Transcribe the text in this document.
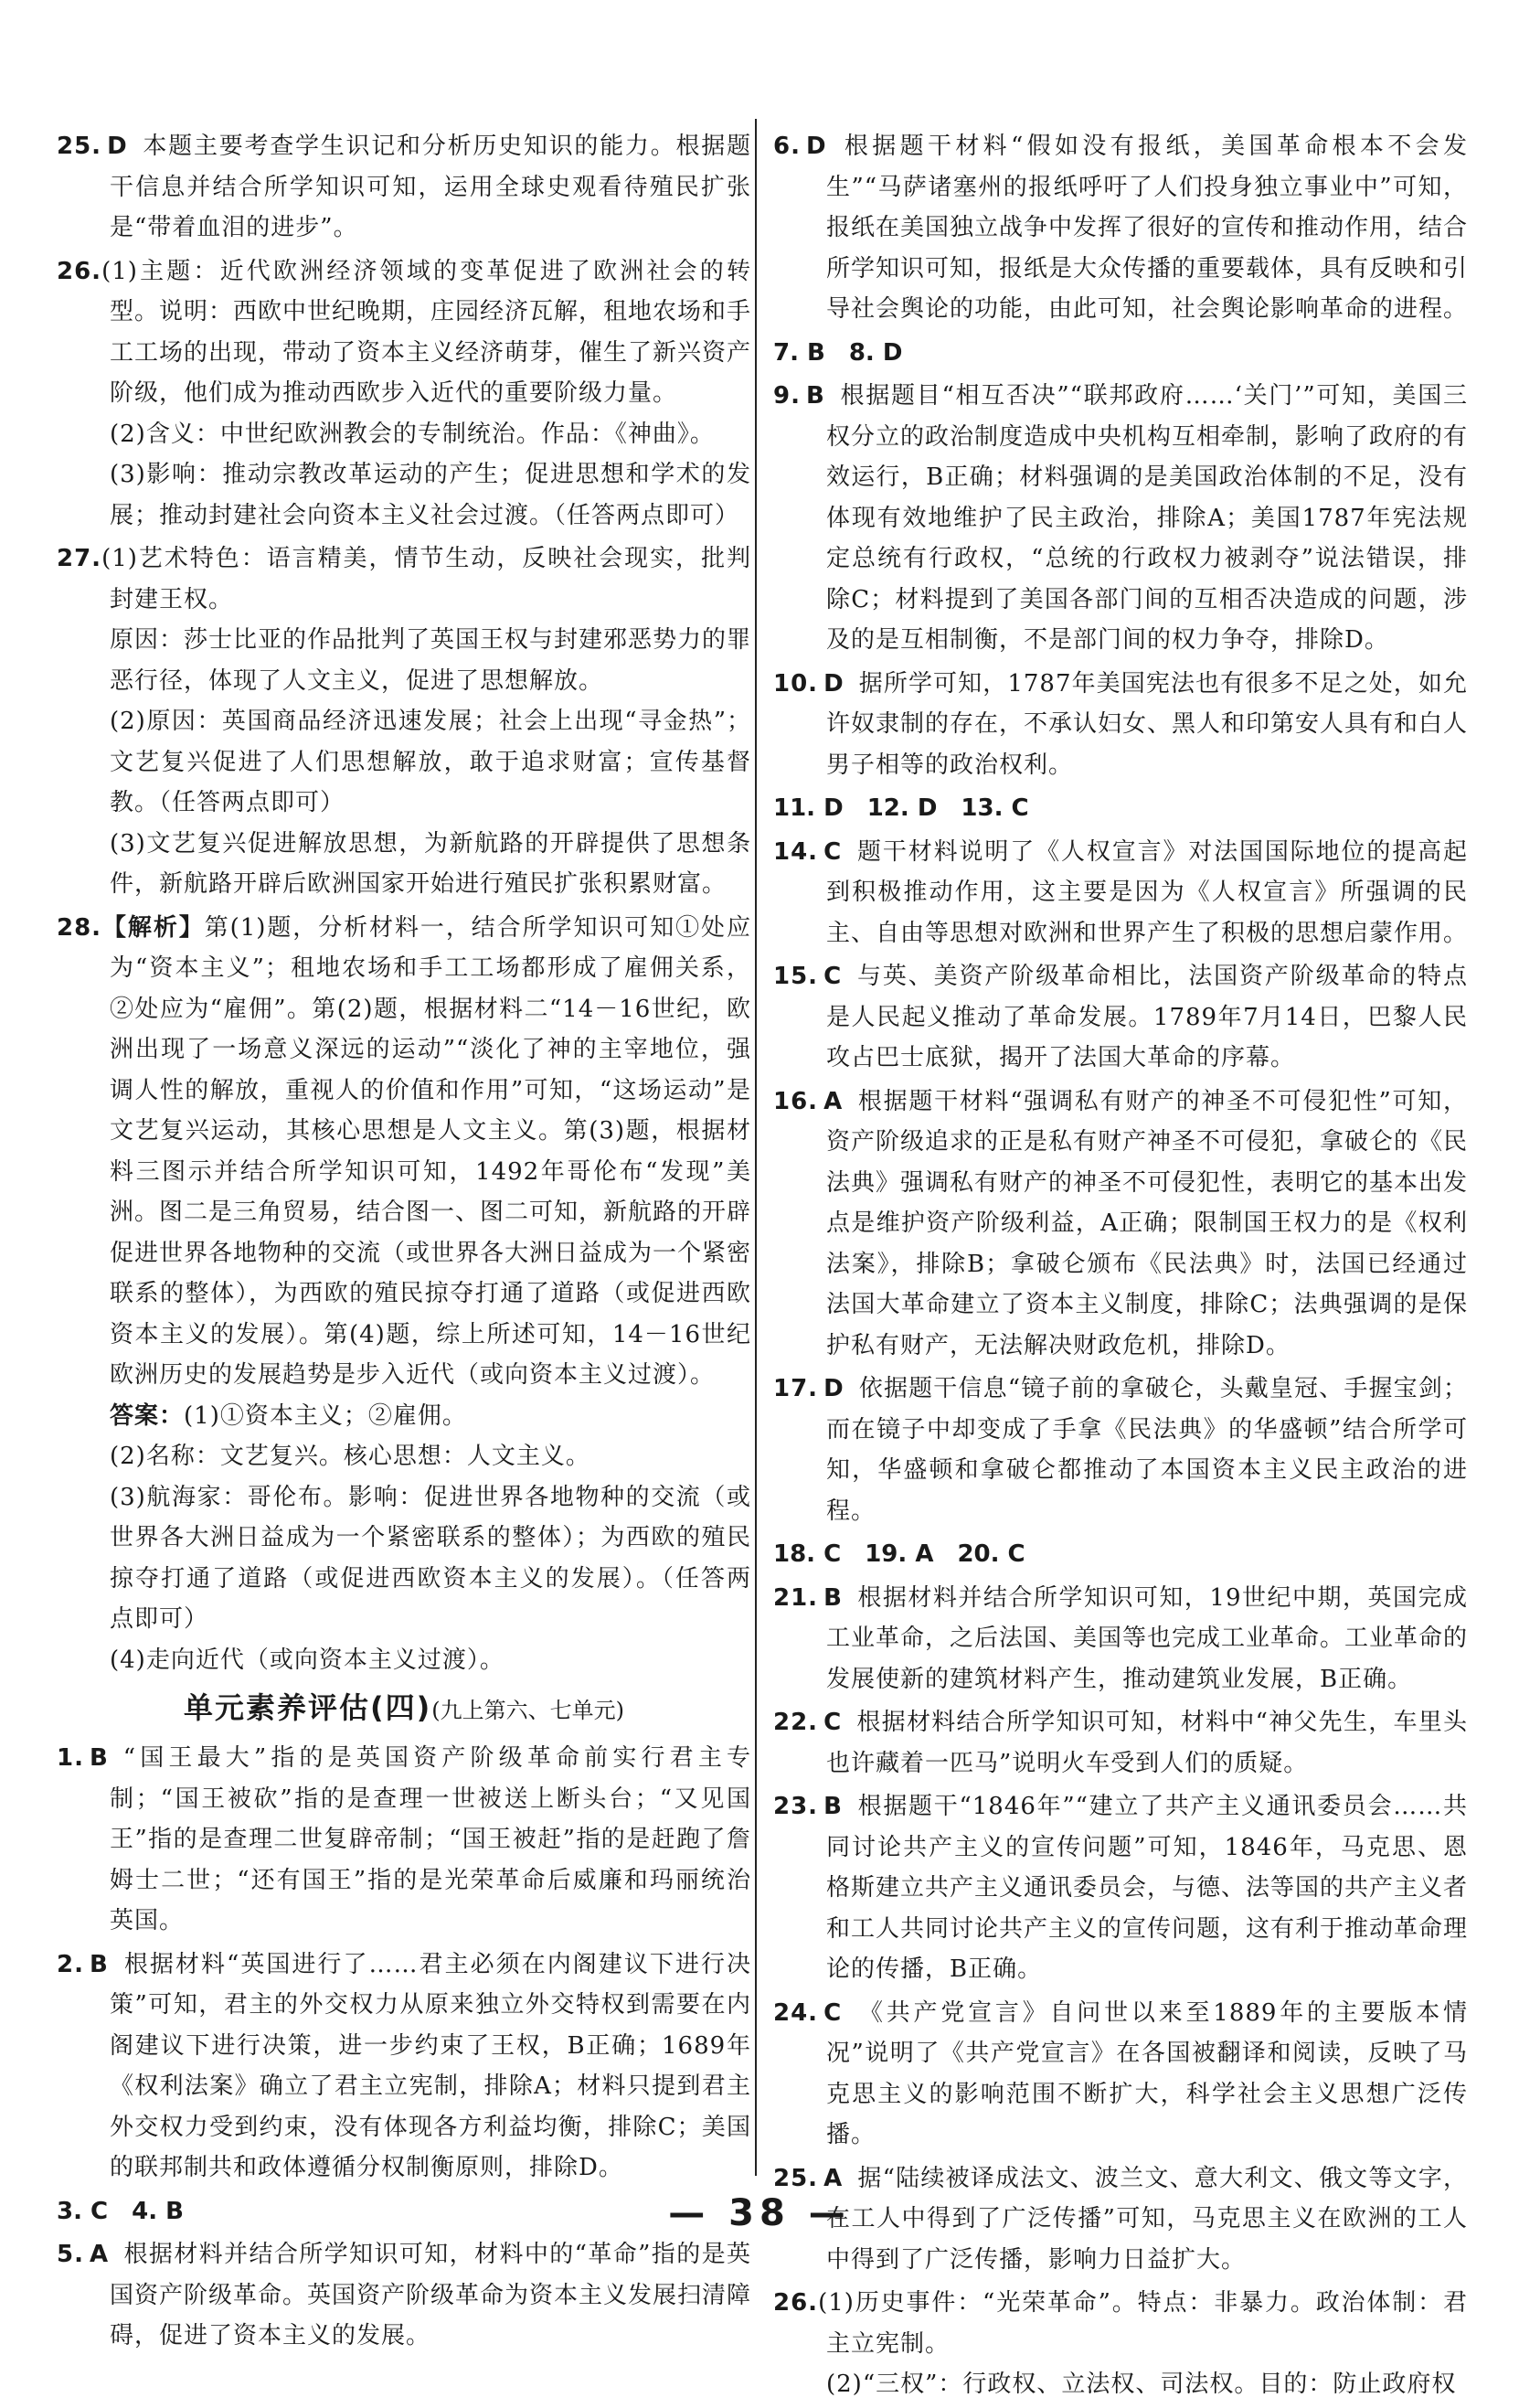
25. D 本题主要考查学生识记和分析历史知识的能力。根据题干信息并结合所学知识可知，运用全球史观看待殖民扩张是“带着血泪的进步”。

26.(1)主题：近代欧洲经济领域的变革促进了欧洲社会的转型。说明：西欧中世纪晚期，庄园经济瓦解，租地农场和手工工场的出现，带动了资本主义经济萌芽，催生了新兴资产阶级，他们成为推动西欧步入近代的重要阶级力量。
(2)含义：中世纪欧洲教会的专制统治。作品：《神曲》。
(3)影响：推动宗教改革运动的产生；促进思想和学术的发展；推动封建社会向资本主义社会过渡。（任答两点即可）
27.(1)艺术特色：语言精美，情节生动，反映社会现实，批判封建王权。
原因：莎士比亚的作品批判了英国王权与封建邪恶势力的罪恶行径，体现了人文主义，促进了思想解放。
(2)原因：英国商品经济迅速发展；社会上出现“寻金热”；文艺复兴促进了人们思想解放，敢于追求财富；宣传基督教。（任答两点即可）
(3)文艺复兴促进解放思想，为新航路的开辟提供了思想条件，新航路开辟后欧洲国家开始进行殖民扩张积累财富。
28.【解析】第(1)题，分析材料一，结合所学知识可知①处应为“资本主义”；租地农场和手工工场都形成了雇佣关系，②处应为“雇佣”。第(2)题，根据材料二“14－16世纪，欧洲出现了一场意义深远的运动”“淡化了神的主宰地位，强调人性的解放，重视人的价值和作用”可知，“这场运动”是文艺复兴运动，其核心思想是人文主义。第(3)题，根据材料三图示并结合所学知识可知，1492年哥伦布“发现”美洲。图二是三角贸易，结合图一、图二可知，新航路的开辟促进世界各地物种的交流（或世界各大洲日益成为一个紧密联系的整体），为西欧的殖民掠夺打通了道路（或促进西欧资本主义的发展）。第(4)题，综上所述可知，14－16世纪欧洲历史的发展趋势是步入近代（或向资本主义过渡）。
答案：(1)①资本主义；②雇佣。
(2)名称：文艺复兴。核心思想：人文主义。
(3)航海家：哥伦布。影响：促进世界各地物种的交流（或世界各大洲日益成为一个紧密联系的整体）；为西欧的殖民掠夺打通了道路（或促进西欧资本主义的发展）。（任答两点即可）
(4)走向近代（或向资本主义过渡）。
单元素养评估(四)(九上第六、七单元)

1. B “国王最大”指的是英国资产阶级革命前实行君主专制；“国王被砍”指的是查理一世被送上断头台；“又见国王”指的是查理二世复辟帝制；“国王被赶”指的是赶跑了詹姆士二世；“还有国王”指的是光荣革命后威廉和玛丽统治英国。

2. B 根据材料“英国进行了……君主必须在内阁建议下进行决策”可知，君主的外交权力从原来独立外交特权到需要在内阁建议下进行决策，进一步约束了王权，B正确；1689年《权利法案》确立了君主立宪制，排除A；材料只提到君主外交权力受到约束，没有体现各方利益均衡，排除C；美国的联邦制共和政体遵循分权制衡原则，排除D。

3. C 4. B

5. A 根据材料并结合所学知识可知，材料中的“革命”指的是英国资产阶级革命。英国资产阶级革命为资本主义发展扫清障碍，促进了资本主义的发展。

6. D 根据题干材料“假如没有报纸，美国革命根本不会发生”“马萨诸塞州的报纸呼吁了人们投身独立事业中”可知，报纸在美国独立战争中发挥了很好的宣传和推动作用，结合所学知识可知，报纸是大众传播的重要载体，具有反映和引导社会舆论的功能，由此可知，社会舆论影响革命的进程。

7. B 8. D

9. B 根据题目“相互否决”“联邦政府……‘关门’”可知，美国三权分立的政治制度造成中央机构互相牵制，影响了政府的有效运行，B正确；材料强调的是美国政治体制的不足，没有体现有效地维护了民主政治，排除A；美国1787年宪法规定总统有行政权，“总统的行政权力被剥夺”说法错误，排除C；材料提到了美国各部门间的互相否决造成的问题，涉及的是互相制衡，不是部门间的权力争夺，排除D。

10. D 据所学可知，1787年美国宪法也有很多不足之处，如允许奴隶制的存在，不承认妇女、黑人和印第安人具有和白人男子相等的政治权利。

11. D 12. D 13. C

14. C 题干材料说明了《人权宣言》对法国国际地位的提高起到积极推动作用，这主要是因为《人权宣言》所强调的民主、自由等思想对欧洲和世界产生了积极的思想启蒙作用。

15. C 与英、美资产阶级革命相比，法国资产阶级革命的特点是人民起义推动了革命发展。1789年7月14日，巴黎人民攻占巴士底狱，揭开了法国大革命的序幕。

16. A 根据题干材料“强调私有财产的神圣不可侵犯性”可知，资产阶级追求的正是私有财产神圣不可侵犯，拿破仑的《民法典》强调私有财产的神圣不可侵犯性，表明它的基本出发点是维护资产阶级利益，A正确；限制国王权力的是《权利法案》，排除B；拿破仑颁布《民法典》时，法国已经通过法国大革命建立了资本主义制度，排除C；法典强调的是保护私有财产，无法解决财政危机，排除D。

17. D 依据题干信息“镜子前的拿破仑，头戴皇冠、手握宝剑；而在镜子中却变成了手拿《民法典》的华盛顿”结合所学可知，华盛顿和拿破仑都推动了本国资本主义民主政治的进程。

18. C 19. A 20. C

21. B 根据材料并结合所学知识可知，19世纪中期，英国完成工业革命，之后法国、美国等也完成工业革命。工业革命的发展使新的建筑材料产生，推动建筑业发展，B正确。

22. C 根据材料结合所学知识可知，材料中“神父先生，车里头也许藏着一匹马”说明火车受到人们的质疑。

23. B 根据题干“1846年”“建立了共产主义通讯委员会……共同讨论共产主义的宣传问题”可知，1846年，马克思、恩格斯建立共产主义通讯委员会，与德、法等国的共产主义者和工人共同讨论共产主义的宣传问题，这有利于推动革命理论的传播，B正确。

24. C 《共产党宣言》自问世以来至1889年的主要版本情况”说明了《共产党宣言》在各国被翻译和阅读，反映了马克思主义的影响范围不断扩大，科学社会主义思想广泛传播。

25. A 据“陆续被译成法文、波兰文、意大利文、俄文等文字，在工人中得到了广泛传播”可知，马克思主义在欧洲的工人中得到了广泛传播，影响力日益扩大。

26.(1)历史事件：“光荣革命”。特点：非暴力。政治体制：君主立宪制。
(2)“三权”：行政权、立法权、司法权。目的：防止政府权
— 38 —
